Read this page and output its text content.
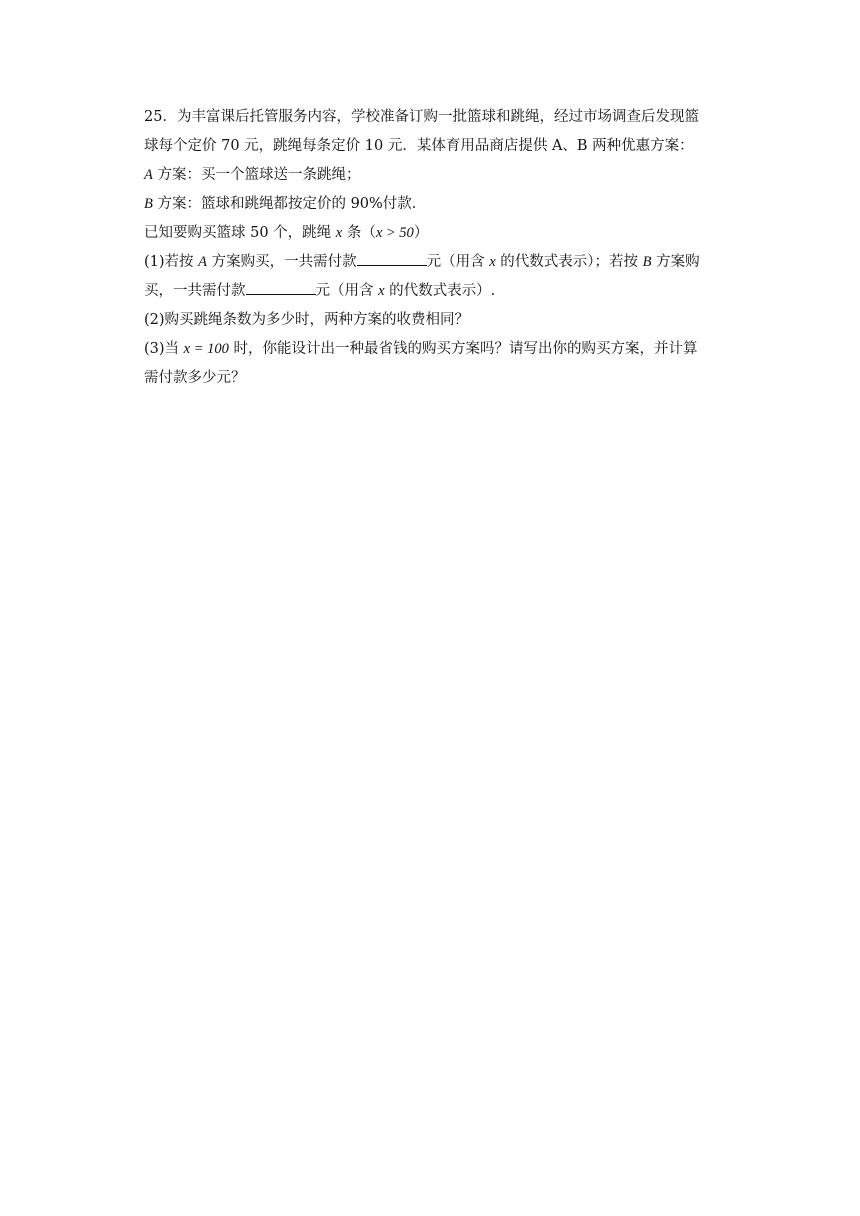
25．为丰富课后托管服务内容，学校准备订购一批篮球和跳绳，经过市场调查后发现篮
球每个定价 70 元，跳绳每条定价 10 元．某体育用品商店提供 A、B 两种优惠方案：
A 方案：买一个篮球送一条跳绳；
B 方案：篮球和跳绳都按定价的 90%付款．
已知要购买篮球 50 个，跳绳 x 条（x > 50）
(1)若按 A 方案购买，一共需付款	元（用含 x 的代数式表示）；若按 B 方案购
买，一共需付款	元（用含 x 的代数式表示）.
(2)购买跳绳条数为多少时，两种方案的收费相同？
(3)当 x = 100 时，你能设计出一种最省钱的购买方案吗？请写出你的购买方案，并计算
需付款多少元？
